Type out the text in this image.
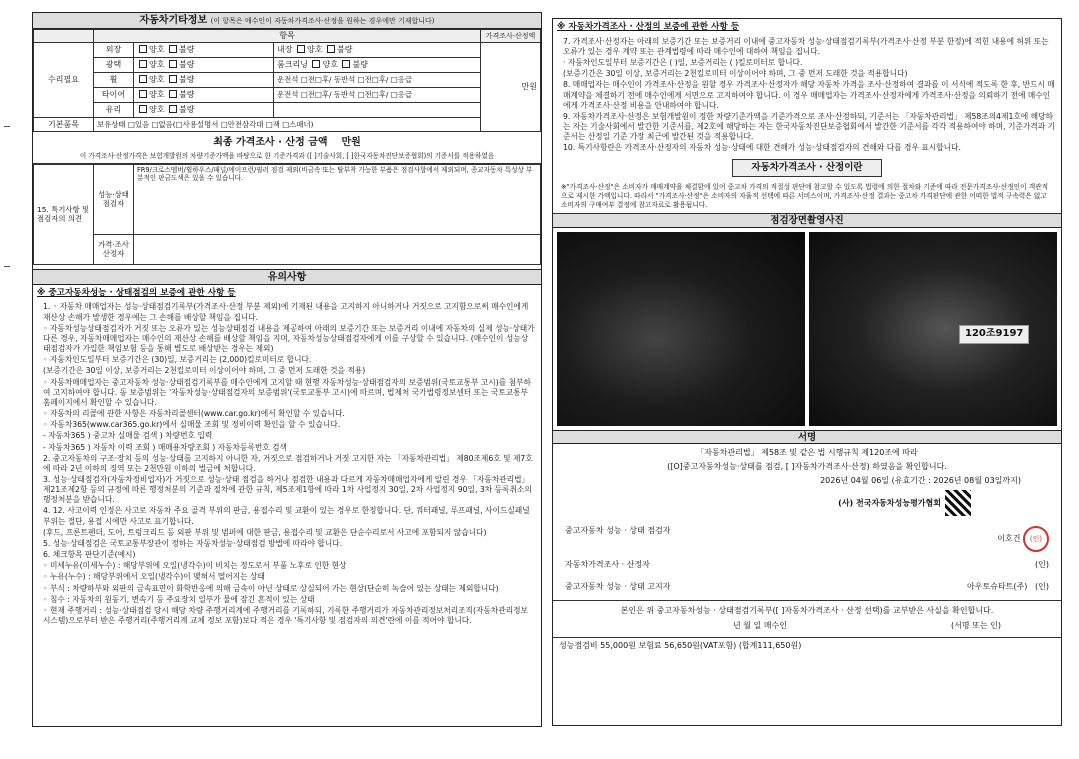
자동차기타정보 (이 항목은 매수인이 자동차가격조사·산정을 원하는 경우에만 기재합니다)
	항목			가격조사·산정액
수리필요	외장	양호 불량	내장 양호 불량	만원
	광택	양호 불량	룸크리닝 양호 불량	
	휠	양호 불량	운전석 □전□후/ 동반석 □전□후/ □응급	
	타이어	양호 불량	운전석 □전□후/ 동반석 □전□후/ □응급	
	유리	양호 불량		
기본품목	보유상태 □있음 □없음(□사용설명서 □안전삼각대 □잭 □스패너)			
최종 가격조사 · 산정 금액 만원
이 가격조사·산정가격은 보험개발원의 차량기준가액을 바탕으로 한 기준가격과 ([ ]기술사회, [ ]한국자동차진단보증협회)의 기준서를 적용하였음
15. 특기사항 및 점검자의 의견	성능·상태 점검자	FR9/크로스멤버/휠하우스/패널/에이프런/필러 점검 제외(비금속 또는 탈부착 가능한 부품은 점검사항에서 제외되며, 종교자동차 특성상 부분적인 판금도색은 있을 수 있습니다.
	가격·조사 산정자	
유의사항
※ 중고자동차성능 · 상태점검의 보증에 관한 사항 등

1. ◦ 자동차 매매업자는 성능·상태점검기록부(가격조사·산정 부분 제외)에 기재된 내용을 고지하지 아니하거나 거짓으로 고지함으로써 매수인에게 재산상 손해가 발생한 경우에는 그 손해를 배상할 책임을 집니다.

◦ 자동차성능상태점검자가 거짓 또는 오류가 있는 성능상태점검 내용을 제공하여 아래의 보증기간 또는 보증거리 이내에 자동차의 실제 성능·상태가 다른 경우, 자동차매매업자는 매수인의 재산상 손해를 배상할 책임을 지며, 자동차성능상태점검자에게 이를 구상할 수 있습니다. (매수인이 성능상태점검자가 가입한 책임보험 등을 통해 별도로 배상받는 경우는 제외)

◦ 자동차인도일부터 보증기간은 (30)일, 보증거리는 (2,000)킬로미터로 합니다.

(보증기간은 30일 이상, 보증거리는 2천킬로미터 이상이어야 하며, 그 중 먼저 도래한 것을 적용)

◦ 자동차매매업자는 중고자동차 성능·상태점검기록부를 매수인에게 고지할 때 현행 자동차성능·상태점검자의 보증범위(국토교통부 고시)를 첨부하여 고지하여야 합니다. 동 보증범위는 '자동차성능·상태점검자의 보증범위'(국토교통부 고시)에 따르며, 법제처 국가법령정보센터 또는 국토교통부 홈페이지에서 확인할 수 있습니다.

◦ 자동차의 리콜에 관한 사항은 자동차리콜센터(www.car.go.kr)에서 확인할 수 있습니다.

◦ 자동차365(www.car365.go.kr)에서 실매물 조회 및 정비이력 확인을 할 수 있습니다.

- 자동차365 ) 중고차 실매물 검색 ) 차량번호 입력

- 자동차365 ) 자동차 이력 조회 ) 매매용차량조회 ) 자동차등록번호 검색

2. 중고자동차의 구조·장치 등의 성능·상태를 고지하지 아니한 자, 거짓으로 점검하거나 거짓 고지한 자는 「자동차관리법」 제80조제6호 및 제7호에 따라 2년 이하의 징역 또는 2천만원 이하의 벌금에 처합니다.

3. 성능·상태점검자(자동차정비업자)가 거짓으로 성능·상태 점검을 하거나 점검한 내용과 다르게 자동차매매업자에게 알린 경우 「자동차관리법」 제21조제2항 등의 규정에 따른 행정처분의 기준과 절차에 관한 규칙, 제5조제1항에 따라 1차 사업정지 30일, 2차 사업정지 90일, 3차 등록취소의 행정처분을 받습니다.

4. 12. 사고이력 인정은 사고로 자동차 주요 골격 부위의 판금, 용접수리 및 교환이 있는 경우로 한정합니다. 단, 쿼터패널, 루프패널, 사이드실패널 부위는 절단, 용접 시에만 사고로 표기합니다.

(후드, 프론트펜더, 도어, 트렁크리드 등 외판 부위 및 범퍼에 대한 판금, 용접수리 및 교환은 단순수리로서 사고에 포함되지 않습니다)

5. 성능·상태점검은 국토교통부장관이 정하는 자동차성능·상태점검 방법에 따라야 합니다.

6. 체크항목 판단기준(예시)

◦ 미세누유(미세누수) : 해당부위에 오일(냉각수)이 비치는 정도로서 부품 노후로 인한 현상

◦ 누유(누수) : 해당부위에서 오일(냉각수)이 맺혀서 떨어지는 상태

◦ 부식 : 차량하부와 외판의 금속표면이 화학반응에 의해 금속이 아닌 상태로 상실되어 가는 현상(단순히 녹슬어 있는 상태는 제외합니다)

◦ 침수 : 자동차의 원동기, 변속기 등 주요장치 일부가 물에 잠긴 흔적이 있는 상태

◦ 현재 주행거리 : 성능·상태점검 당시 해당 차량 주행거리계에 주행거리를 기록하되, 기록한 주행거리가 자동차관리정보처리조직(자동차관리정보시스템)으로부터 받은 주행거리(주행거리계 교체 정보 포함)보다 적은 경우 '특기사항 및 점검자의 의견'란에 이를 적어야 합니다.

※ 자동차가격조사 · 산정의 보증에 관한 사항 등

7. 가격조사·산정자는 아래의 보증기간 또는 보증거리 이내에 중고자동차 성능·상태점검기록부(가격조사·산정 부분 한정)에 적힌 내용에 허위 또는 오류가 있는 경우 계약 또는 관계법령에 따라 매수인에 대하여 책임을 집니다.

· 자동차인도일부터 보증기간은 ( )일, 보증거리는 ( )킬로미터로 합니다.

(보증기간은 30일 이상, 보증거리는 2천킬로미터 이상이어야 하며, 그 중 먼저 도래한 것을 적용합니다)

8. 매매업자는 매수인이 가격조사·산정을 원할 경우 가격조사·산정자가 해당 자동차 가격을 조사·산정하여 결과를 이 서식에 적도록 한 후, 반드시 매매계약을 체결하기 전에 매수인에게 서면으로 고지하여야 합니다. 이 경우 매매업자는 가격조사·산정자에게 가격조사·산정을 의뢰하기 전에 매수인에게 가격조사·산정 비용을 안내하여야 합니다.

9. 자동차가격조사·산정은 보험개발원이 정한 차량기준가액을 기준가격으로 조사·산정하되, 기준서는 「자동차관리법」 제58조의4제1호에 해당하는 자는 기술사회에서 발간한 기준서를, 제2호에 해당하는 자는 한국자동차진단보증협회에서 발간한 기준서를 각각 적용하여야 하며, 기준가격과 기준서는 산정일 기준 가장 최근에 발간된 것을 적용합니다.

10. 특기사항란은 가격조사·산정자의 자동차 성능·상태에 대한 견해가 성능·상태점검자의 견해와 다를 경우 표시합니다.

자동차가격조사 · 산정이란
※"가격조사·산정"은 소비자가 매매계약을 체결함에 있어 중고차 가격의 적절성 판단에 참고할 수 있도록 법령에 의한 절차와 기준에 따라 전문가격조사·산정인이 객관적으로 제시한 가액입니다. 따라서 "가격조사·산정"은 소비자의 자율적 선택에 따른 서비스이며, 가격조사·산정 결과는 중고차 가격판단에 관한 어떠한 법적 구속력은 없고 소비자의 구매여부 결정에 참고자료로 활용됩니다.
점검장면촬영사진
120조9197
서명
「자동차관리법」 제58조 및 같은 법 시행규칙 제120조에 따라
([O]중고자동차성능·상태를 점검, [ ]자동차가격조사·산정) 하였음을 확인합니다.
2026년 04월 06일 (유효기간 : 2026년 08월 03일까지)
(사) 전국자동차성능평가협회
중고자동차 성능 · 상태 점검자
이호건 (인)
자동차가격조사 · 산정자	(인)
중고자동차 성능 · 상태 고지자	아우토슈타트(주) (인)
본인은 위 중고자동차성능 · 상태점검기록부([ ]자동차가격조사 · 산정 선택)를 교부받은 사실을 확인합니다.
년 월 일 매수인	(서명 또는 인)
성능점검비 55,000원 보험료 56,650원(VAT포함) (합계111,650원)
